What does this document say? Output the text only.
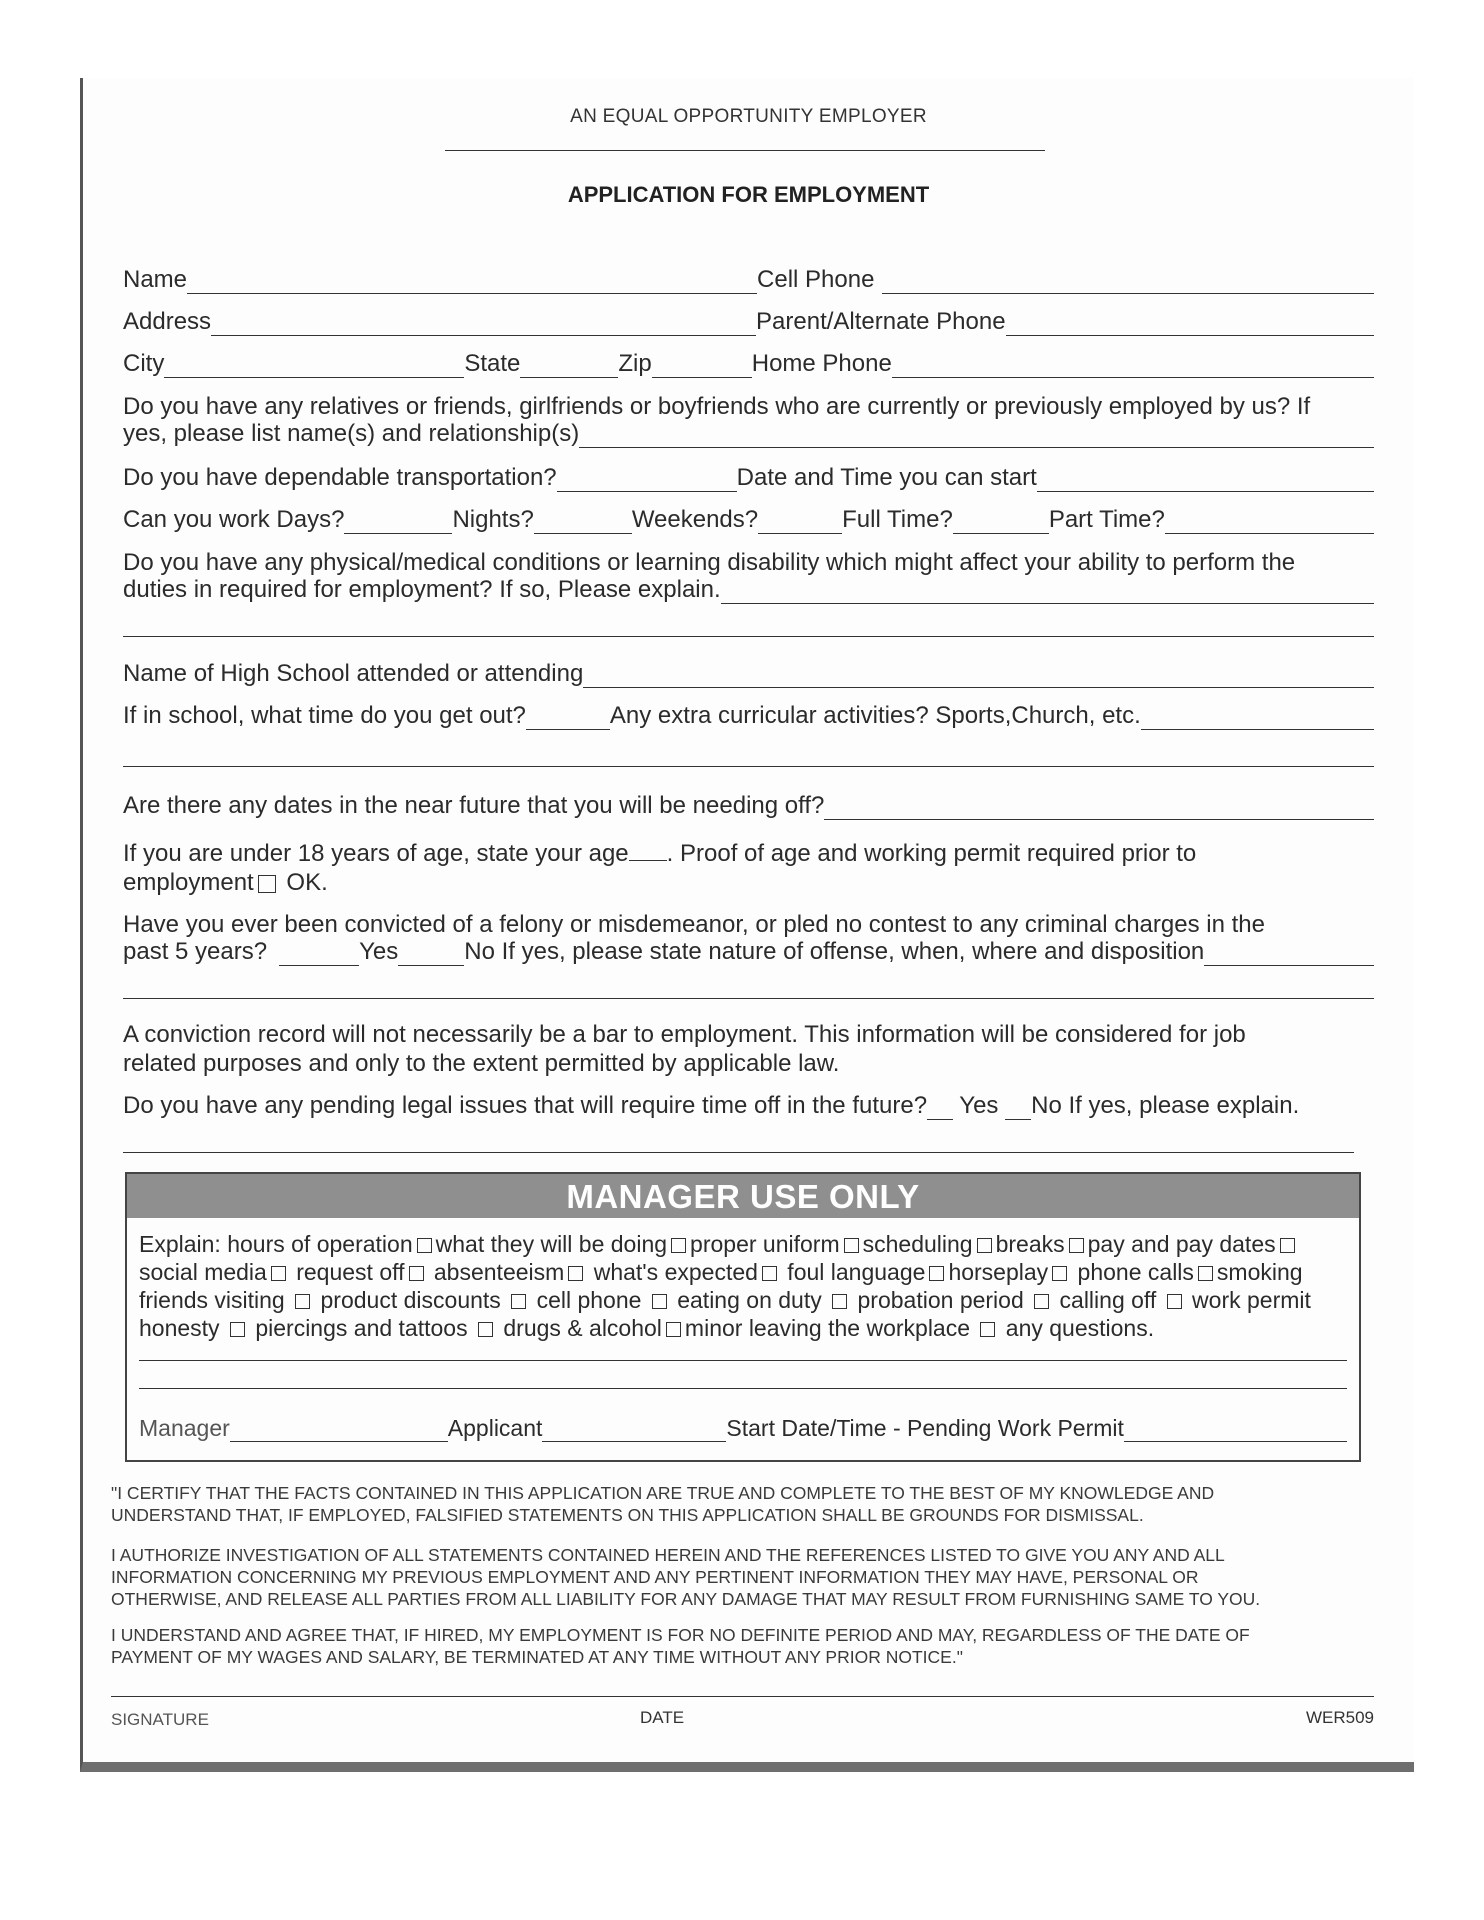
AN EQUAL OPPORTUNITY EMPLOYER
APPLICATION FOR EMPLOYMENT
Name	Cell Phone
Address	Parent/Alternate Phone
City	State	Zip	Home Phone
Do you have any relatives or friends, girlfriends or boyfriends who are currently or previously employed by us? If
yes, please list name(s) and relationship(s)
Do you have dependable transportation?	Date and Time you can start
Can you work Days?	Nights?	Weekends?	Full Time?	Part Time?
Do you have any physical/medical conditions or learning disability which might affect your ability to perform the
duties in required for employment? If so, Please explain.
Name of High School attended or attending
If in school, what time do you get out?	Any extra curricular activities? Sports,Church, etc.
Are there any dates in the near future that you will be needing off?
If you are under 18 years of age, state your age . Proof of age and working permit required prior to
employment OK.
Have you ever been convicted of a felony or misdemeanor, or pled no contest to any criminal charges in the
past 5 years?	Yes	No If yes, please state nature of offense, when, where and disposition
A conviction record will not necessarily be a bar to employment. This information will be considered for job
related purposes and only to the extent permitted by applicable law.
Do you have any pending legal issues that will require time off in the future? Yes No If yes, please explain.
MANAGER USE ONLY
Explain: hours of operation what they will be doing proper uniform scheduling breaks pay and pay dates
social media request off absenteeism what's expected foul language horseplay phone calls smoking
friends visiting  product discounts  cell phone  eating on duty  probation period  calling off  work permit
honesty  piercings and tattoos  drugs & alcohol minor leaving the workplace  any questions.
Manager	Applicant	Start Date/Time - Pending Work Permit
"I CERTIFY THAT THE FACTS CONTAINED IN THIS APPLICATION ARE TRUE AND COMPLETE TO THE BEST OF MY KNOWLEDGE AND
UNDERSTAND THAT, IF EMPLOYED, FALSIFIED STATEMENTS ON THIS APPLICATION SHALL BE GROUNDS FOR DISMISSAL.
I AUTHORIZE INVESTIGATION OF ALL STATEMENTS CONTAINED HEREIN AND THE REFERENCES LISTED TO GIVE YOU ANY AND ALL
INFORMATION CONCERNING MY PREVIOUS EMPLOYMENT AND ANY PERTINENT INFORMATION THEY MAY HAVE, PERSONAL OR
OTHERWISE, AND RELEASE ALL PARTIES FROM ALL LIABILITY FOR ANY DAMAGE THAT MAY RESULT FROM FURNISHING SAME TO YOU.
I UNDERSTAND AND AGREE THAT, IF HIRED, MY EMPLOYMENT IS FOR NO DEFINITE PERIOD AND MAY, REGARDLESS OF THE DATE OF
PAYMENT OF MY WAGES AND SALARY, BE TERMINATED AT ANY TIME WITHOUT ANY PRIOR NOTICE."
SIGNATURE	DATE	WER509
